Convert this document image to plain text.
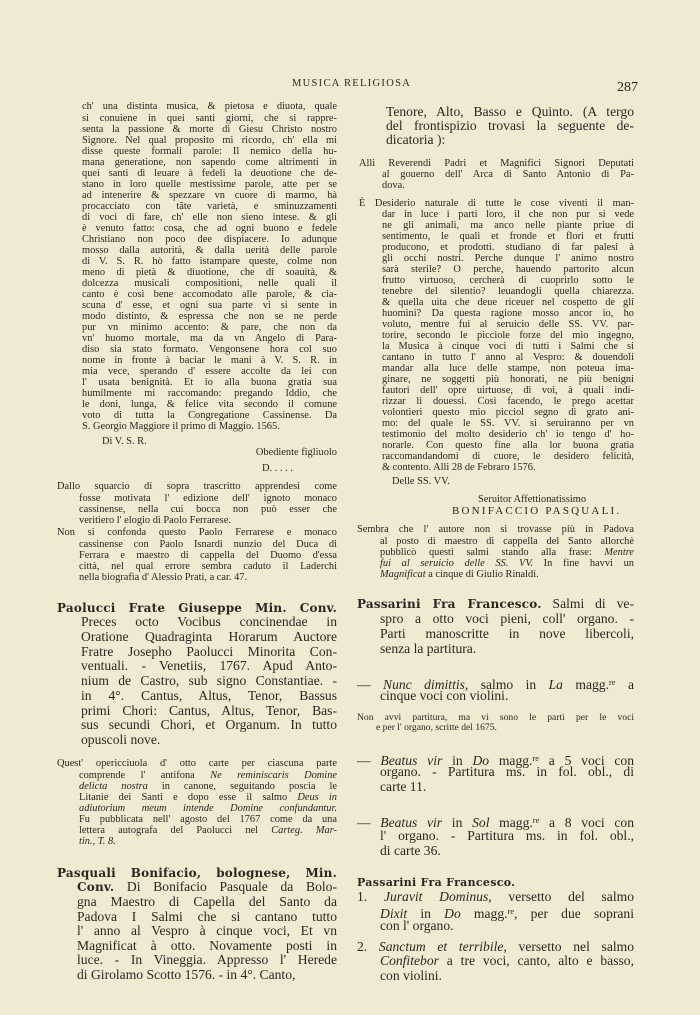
MUSICA RELIGIOSA	287
Di V. S. R.
Obediente figliuolo
D. . . . .
Delle SS. VV.
Seruitor Affettionatissimo
BONIFACCIO PASQUALI.
ch' una distinta musica, & pietosa e diuota, quale
si conuiene in quei santi giorni, che si rappre-
senta la passione & morte di Giesu Christo nostro
Signore. Nel qual proposito mi ricordo, ch' ella mi
disse queste formali parole: Il nemico della hu-
mana generatione, non sapendo come altrimenti in
quei santi dì leuare à fedeli la deuotione che de-
stano in loro quelle mestissime parole, atte per se
ad intenerire & spezzare vn cuore di marmo, hà
procacciato con tãte varietà, e sminuzzamenti
di voci di fare, ch' elle non sieno intese. & gli
è venuto fatto: cosa, che ad ogni buono e fedele
Christiano non poco dee dispiacere. Io adunque
mosso dalla autorità, & dalla uerità delle parole
di V. S. R. hò fatto istampare queste, colme non
meno di pietà & diuotione, che di soauità, &
dolcezza musicali compositioni, nelle quali il
canto è così bene accomodato alle parole, & cia-
scuna d' esse, et ogni sua parte vi si sente in
modo distinto, & espressa che non se ne perde
pur vn minimo accento: & pare, che non da
vn' huomo mortale, ma da vn Angelo di Para-
diso sia stato formato. Vengonsene hora col suo
nome in fronte à baciar le mani à V. S. R. in
mia vece, sperando d' essere accolte da lei con
l' usata benignità. Et io alla buona gratia sua
humilmente mi raccomando: pregando Iddio, che
le doni, lunga, & felice vita secondo il comune
voto di tutta la Congregatione Cassinense. Da
S. Georgio Maggiore il primo di Maggio. 1565.
Dallo squarcio di sopra trascritto apprendesi come
fosse motivata l' edizione dell' ignoto monaco
cassinense, nella cui bocca non può esser che
veritiero l' elogio di Paolo Ferrarese.
Non si confonda questo Paolo Ferrarese e monaco
cassinense con Paolo Isnardi nunzio del Duca di
Ferrara e maestro di cappella del Duomo d'essa
città, nel qual errore sembra caduto il Laderchi
nella biografia d' Alessio Prati, a car. 47.
Paolucci Frate Giuseppe Min. Conv.
Preces octo Vocibus concinendae in
Oratione Quadraginta Horarum Auctore
Fratre Josepho Paolucci Minorita Con-
ventuali. - Venetiis, 1767. Apud Anto-
nium de Castro, sub signo Constantiae. -
in 4°. Cantus, Altus, Tenor, Bassus
primi Chori: Cantus, Altus, Tenor, Bas-
sus secundi Chori, et Organum. In tutto
opuscoli nove.
Quest' opericciuola d' otto carte per ciascuna parte
comprende l' antifona Ne reminiscaris Domine
delicta nostra in canone, seguitando poscia le
Litanie dei Santi e dopo esse il salmo Deus in
adiutorium meum intende Domine confundantur.
Fu pubblicata nell' agosto del 1767 come da una
lettera autografa del Paolucci nel Carteg. Mar-
tin., T. 8.
Pasquali Bonifacio, bolognese, Min.
Conv. Di Bonifacio Pasquale da Bolo-
gna Maestro di Capella del Santo da
Padova I Salmi che si cantano tutto
l' anno al Vespro à cinque voci, Et vn
Magnificat à otto. Novamente posti in
luce. - In Vineggia. Appresso l' Herede
di Girolamo Scotto 1576. - in 4°. Canto,
Tenore, Alto, Basso e Quinto. (A tergo
del frontispizio trovasi la seguente de-
dicatoria ):
Alli Reverendi Padri et Magnifici Signori Deputati
al gouerno dell' Arca di Santo Antonio di Pa-
dova.
È Desiderio naturale di tutte le cose viventi il man-
dar in luce i parti loro, il che non pur si vede
ne gli animali, ma anco nelle piante priue di
sentimento, le quali et fronde et flori et frutti
producono, et prodotti. studiano di far palesi à
gli occhi nostri. Perche dunque l' animo nostro
sarà sterile? O perche, hauendo partorito alcun
frutto virtuoso, cercherà di cuoprirlo sotto le
tenebre del silentio? leuandogli quella chiarezza.
& quella uita che deue riceuer nel cospetto de gli
huomini? Da questa ragione mosso ancor io, ho
voluto, mentre fui al seruicio delle SS. VV. par-
torire, secondo le picciole forze del mio ingegno,
la Musica à cinque voci di tutti i Salmi che si
cantano in tutto l' anno al Vespro: & douendoli
mandar alla luce delle stampe, non poteua ima-
ginare, ne soggetti più honorati, ne più benigni
fautori dell' opre uirtuose, di voi, à quali indi-
rizzar li douessi. Così facendo, le prego acettar
volontieri questo mio picciol segno di grato ani-
mo: del quale le SS. VV. si seruiranno per vn
testimonio del molto desiderio ch' io tengo d' ho-
norarle. Con questo fine alla lor buona gratia
raccomandandomi di cuore, le desidero felicità,
& contento. Alli 28 de Febraro 1576.
Sembra che l' autore non si trovasse più in Padova
al posto di maestro di cappella del Santo allorchè
pubblicò questi salmi stando alla frase: Mentre
fui al seruicio delle SS. VV. In fine havvi un
Magnificat a cinque di Giulio Rinaldi.
Passarini Fra Francesco. Salmi di ve-
spro a otto voci pieni, coll' organo. -
Parti manoscritte in nove libercoli,
senza la partitura.
— Nunc dimittis, salmo in La magg.$^{re}$ a
cinque voci con violini.
Non avvi partitura, ma vi sono le parti per le voci
e per l' organo, scritte del 1675.
— Beatus vir in Do magg.$^{re}$ a 5 voci con
organo. - Partitura ms. in fol. obl., di
carte 11.
— Beatus vir in Sol magg.$^{re}$ a 8 voci con
l' organo. - Partitura ms. in fol. obl.,
di carte 36.
Passarini Fra Francesco.
1. Juravit Dominus, versetto del salmo
Dixit in Do magg.$^{re}$, per due soprani
con l' organo.
2. Sanctum et terribile, versetto nel salmo
Confitebor a tre voci, canto, alto e basso,
con violini.
